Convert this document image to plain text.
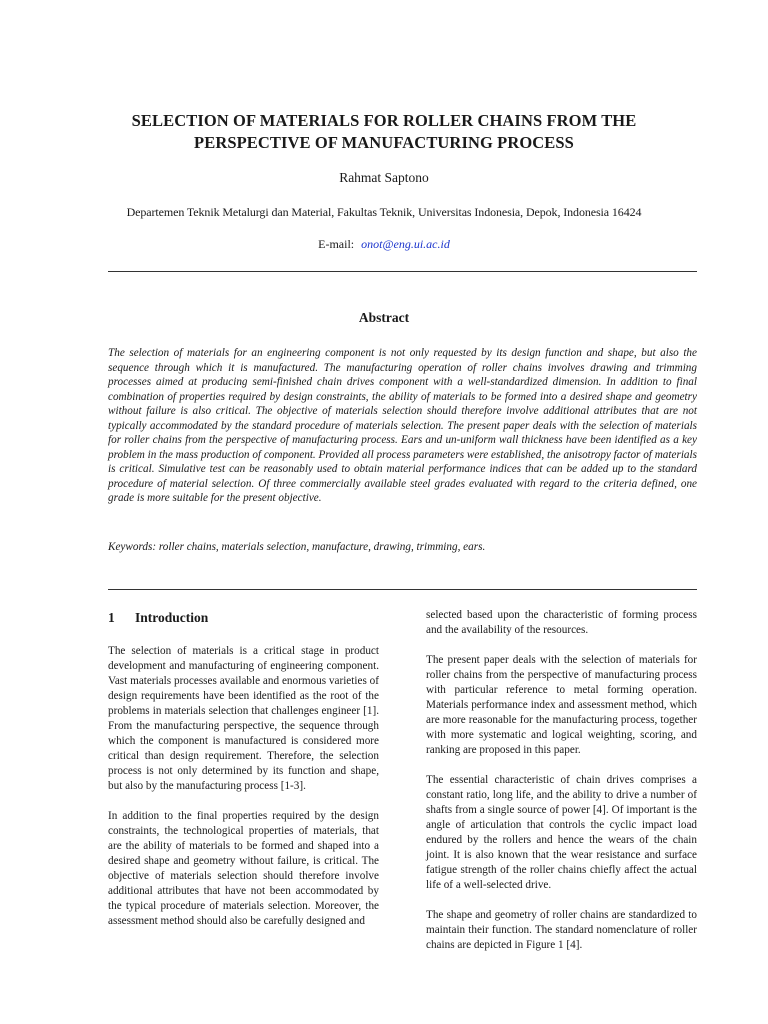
SELECTION OF MATERIALS FOR ROLLER CHAINS FROM THE
PERSPECTIVE OF MANUFACTURING PROCESS
Rahmat Saptono
Departemen Teknik Metalurgi dan Material, Fakultas Teknik, Universitas Indonesia, Depok, Indonesia 16424
E-mail: onot@eng.ui.ac.id
Abstract

The selection of materials for an engineering component is not only requested by its design function and shape, but also the sequence through which it is manufactured. The manufacturing operation of roller chains involves drawing and trimming processes aimed at producing semi-finished chain drives component with a well-standardized dimension. In addition to final combination of properties required by design constraints, the ability of materials to be formed into a desired shape and geometry without failure is also critical. The objective of materials selection should therefore involve additional attributes that are not typically accommodated by the standard procedure of materials selection. The present paper deals with the selection of materials for roller chains from the perspective of manufacturing process. Ears and un-uniform wall thickness have been identified as a key problem in the mass production of component. Provided all process parameters were established, the anisotropy factor of materials is critical. Simulative test can be reasonably used to obtain material performance indices that can be added up to the standard procedure of material selection. Of three commercially available steel grades evaluated with regard to the criteria defined, one grade is more suitable for the present objective.

Keywords: roller chains, materials selection, manufacture, drawing, trimming, ears.

1 Introduction

The selection of materials is a critical stage in product development and manufacturing of engineering component. Vast materials processes available and enormous varieties of design requirements have been identified as the root of the problems in materials selection that challenges engineer [1]. From the manufacturing perspective, the sequence through which the component is manufactured is considered more critical than design requirement. Therefore, the selection process is not only determined by its function and shape, but also by the manufacturing process [1-3].

In addition to the final properties required by the design constraints, the technological properties of materials, that are the ability of materials to be formed and shaped into a desired shape and geometry without failure, is critical. The objective of materials selection should therefore involve additional attributes that have not been accommodated by the typical procedure of materials selection. Moreover, the assessment method should also be carefully designed and

selected based upon the characteristic of forming process and the availability of the resources.

The present paper deals with the selection of materials for roller chains from the perspective of manufacturing process with particular reference to metal forming operation. Materials performance index and assessment method, which are more reasonable for the manufacturing process, together with more systematic and logical weighting, scoring, and ranking are proposed in this paper.

The essential characteristic of chain drives comprises a constant ratio, long life, and the ability to drive a number of shafts from a single source of power [4]. Of important is the angle of articulation that controls the cyclic impact load endured by the rollers and hence the wears of the chain joint. It is also known that the wear resistance and surface fatigue strength of the roller chains chiefly affect the actual life of a well-selected drive.

The shape and geometry of roller chains are standardized to maintain their function. The standard nomenclature of roller chains are depicted in Figure 1 [4].
